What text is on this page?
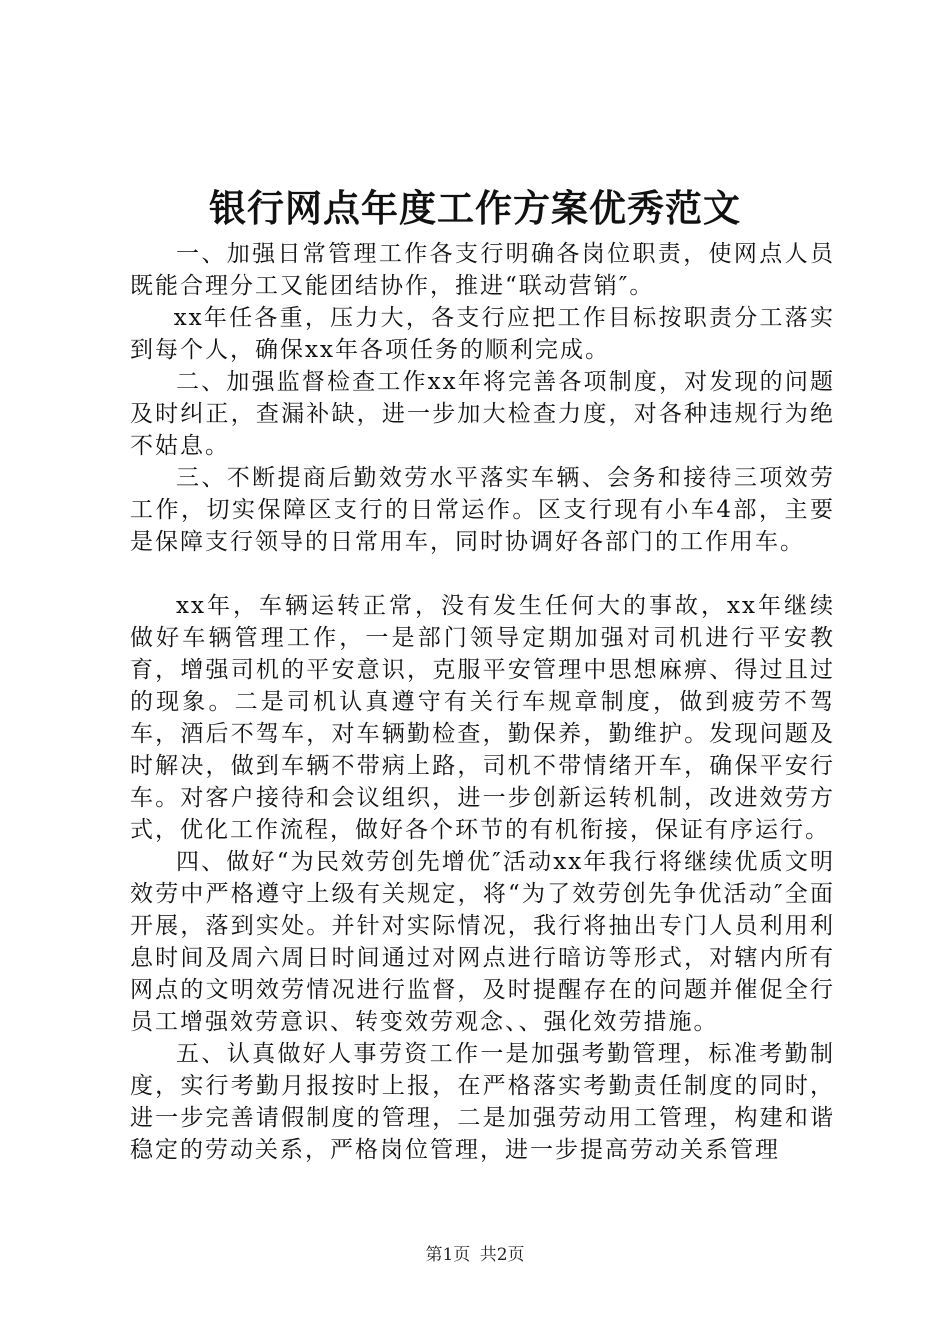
银行网点年度工作方案优秀范文

一、加强日常管理工作各支行明确各岗位职责，使网点人员既能合理分工又能团结协作，推进“联动营销″。

xx年任各重，压力大，各支行应把工作目标按职责分工落实到每个人，确保xx年各项任务的顺利完成。

二、加强监督检查工作xx年将完善各项制度，对发现的问题及时纠正，查漏补缺，进一步加大检查力度，对各种违规行为绝不姑息。

三、不断提商后勤效劳水平落实车辆、会务和接待三项效劳工作，切实保障区支行的日常运作。区支行现有小车4部，主要是保障支行领导的日常用车，同时协调好各部门的工作用车。

xx年，车辆运转正常，没有发生任何大的事故，xx年继续做好车辆管理工作，一是部门领导定期加强对司机进行平安教育，增强司机的平安意识，克服平安管理中思想麻痹、得过且过的现象。二是司机认真遵守有关行车规章制度，做到疲劳不驾车，酒后不驾车，对车辆勤检查，勤保养，勤维护。发现问题及时解决，做到车辆不带病上路，司机不带情绪开车，确保平安行车。对客户接待和会议组织，进一步创新运转机制，改进效劳方式，优化工作流程，做好各个环节的有机衔接，保证有序运行。

四、做好“为民效劳创先增优″活动xx年我行将继续优质文明效劳中严格遵守上级有关规定，将“为了效劳创先争优活动″全面开展，落到实处。并针对实际情况，我行将抽出专门人员利用利息时间及周六周日时间通过对网点进行暗访等形式，对辖内所有网点的文明效劳情况进行监督，及时提醒存在的问题并催促全行员工增强效劳意识、转变效劳观念、、强化效劳措施。

五、认真做好人事劳资工作一是加强考勤管理，标准考勤制度，实行考勤月报按时上报，在严格落实考勤责任制度的同时，进一步完善请假制度的管理，二是加强劳动用工管理，构建和谐稳定的劳动关系，严格岗位管理，进一步提高劳动关系管理

第1页 共2页
